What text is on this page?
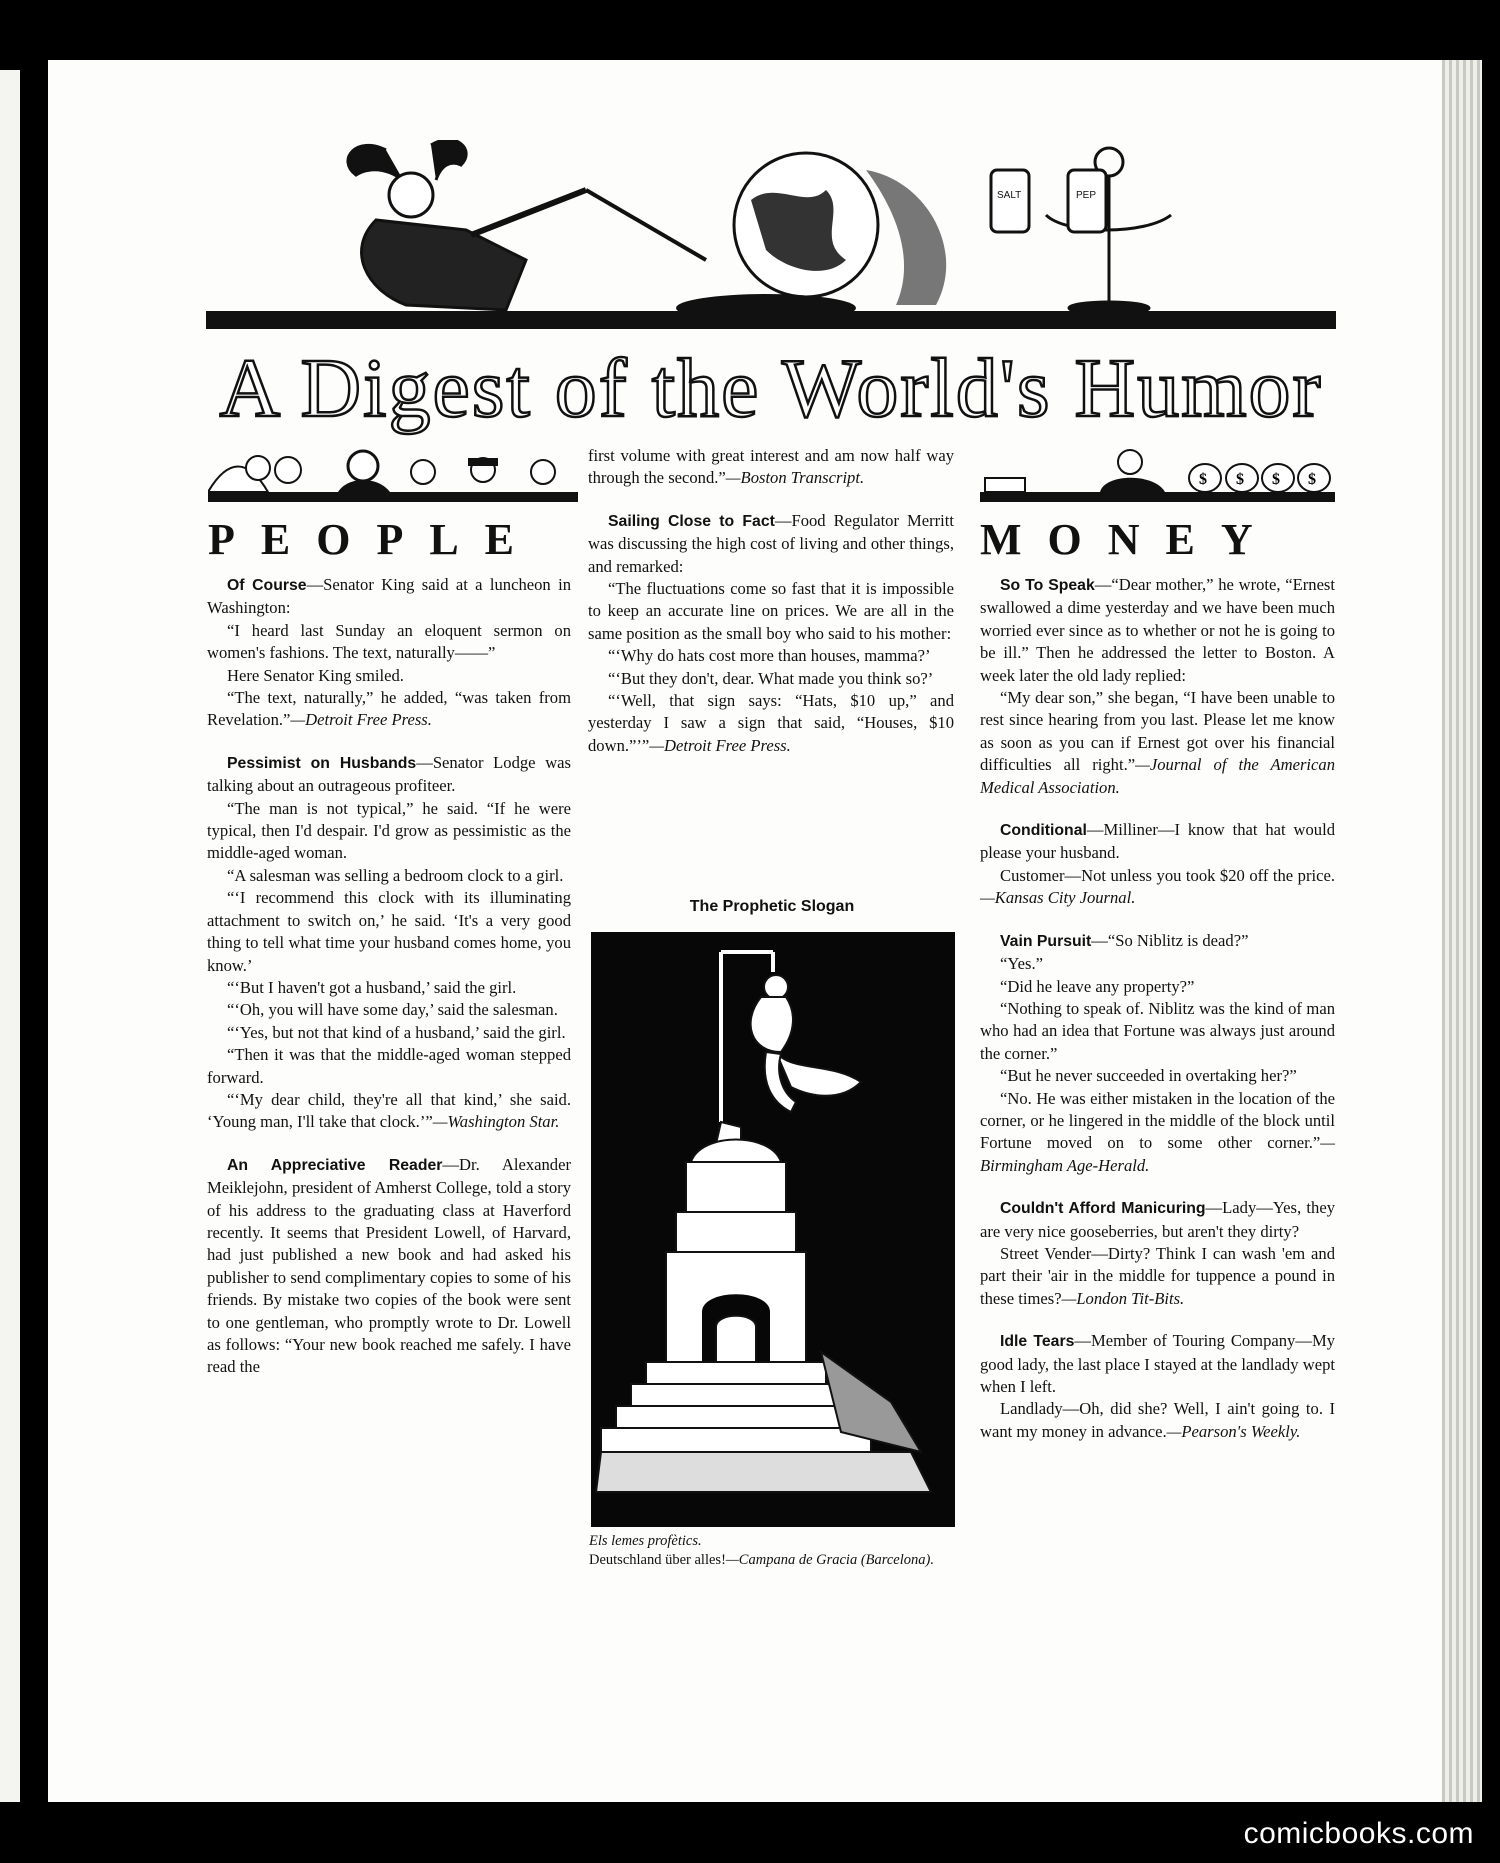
SALT	PEP
A Digest of the World's Humor
PEOPLE
$ $ $ $
MONEY

Of Course—Senator King said at a luncheon in Washington:

“I heard last Sunday an eloquent sermon on women's fashions. The text, naturally——”

Here Senator King smiled.

“The text, naturally,” he added, “was taken from Revelation.”—Detroit Free Press.

Pessimist on Husbands—Senator Lodge was talking about an outrageous profiteer.

“The man is not typical,” he said. “If he were typical, then I'd despair. I'd grow as pessimistic as the middle-aged woman.

“A salesman was selling a bedroom clock to a girl.

“‘I recommend this clock with its illuminating attachment to switch on,’ he said. ‘It's a very good thing to tell what time your husband comes home, you know.’

“‘But I haven't got a husband,’ said the girl.

“‘Oh, you will have some day,’ said the salesman.

“‘Yes, but not that kind of a husband,’ said the girl.

“Then it was that the middle-aged woman stepped forward.

“‘My dear child, they're all that kind,’ she said. ‘Young man, I'll take that clock.’”—Washington Star.

An Appreciative Reader—Dr. Alexander Meiklejohn, president of Amherst College, told a story of his address to the graduating class at Haverford recently. It seems that President Lowell, of Harvard, had just published a new book and had asked his publisher to send complimentary copies to some of his friends. By mistake two copies of the book were sent to one gentleman, who promptly wrote to Dr. Lowell as follows: “Your new book reached me safely. I have read the

first volume with great interest and am now half way through the second.”—Boston Transcript.

Sailing Close to Fact—Food Regulator Merritt was discussing the high cost of living and other things, and remarked:

“The fluctuations come so fast that it is impossible to keep an accurate line on prices. We are all in the same position as the small boy who said to his mother:

“‘Why do hats cost more than houses, mamma?’

“‘But they don't, dear. What made you think so?’

“‘Well, that sign says: “Hats, $10 up,” and yesterday I saw a sign that said, “Houses, $10 down.”’”—Detroit Free Press.

The Prophetic Slogan

Els lemes profètics.

Deutschland über alles!—Campana de Gracia (Barcelona).

So To Speak—“Dear mother,” he wrote, “Ernest swallowed a dime yesterday and we have been much worried ever since as to whether or not he is going to be ill.” Then he addressed the letter to Boston. A week later the old lady replied:

“My dear son,” she began, “I have been unable to rest since hearing from you last. Please let me know as soon as you can if Ernest got over his financial difficulties all right.”—Journal of the American Medical Association.

Conditional—Milliner—I know that hat would please your husband.

Customer—Not unless you took $20 off the price.—Kansas City Journal.

Vain Pursuit—“So Niblitz is dead?”

“Yes.”

“Did he leave any property?”

“Nothing to speak of. Niblitz was the kind of man who had an idea that Fortune was always just around the corner.”

“But he never succeeded in overtaking her?”

“No. He was either mistaken in the location of the corner, or he lingered in the middle of the block until Fortune moved on to some other corner.”—Birmingham Age-Herald.

Couldn't Afford Manicuring—Lady—Yes, they are very nice gooseberries, but aren't they dirty?

Street Vender—Dirty? Think I can wash 'em and part their 'air in the middle for tuppence a pound in these times?—London Tit-Bits.

Idle Tears—Member of Touring Company—My good lady, the last place I stayed at the landlady wept when I left.

Landlady—Oh, did she? Well, I ain't going to. I want my money in advance.—Pearson's Weekly.

comicbooks.com
